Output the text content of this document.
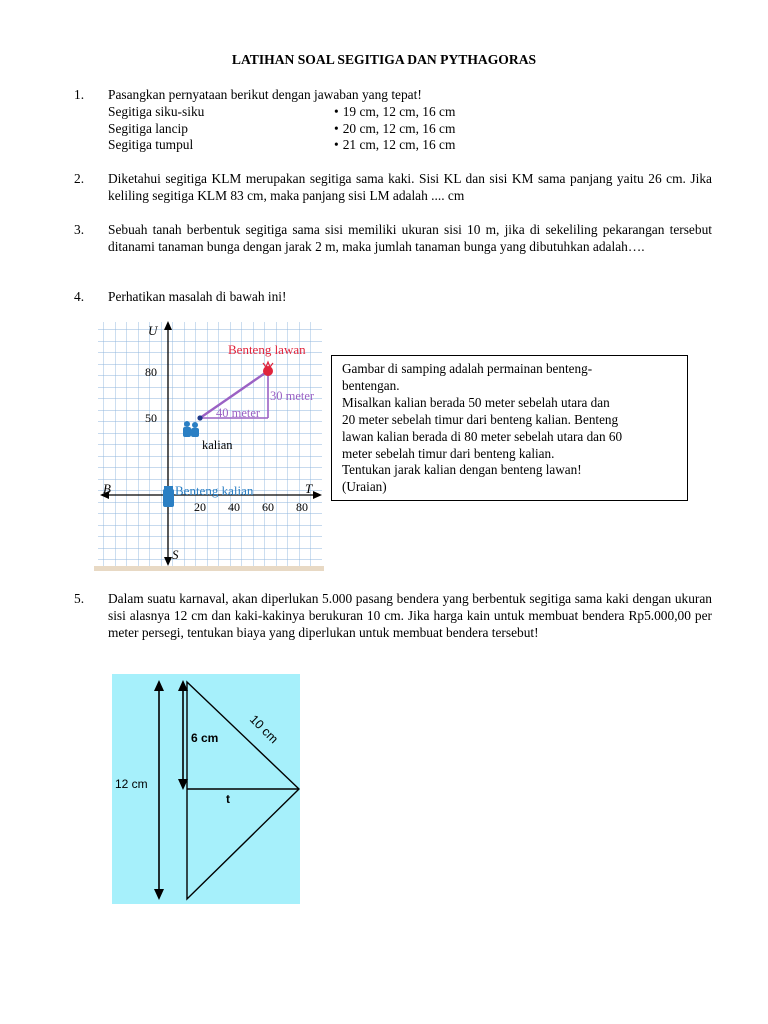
LATIHAN SOAL SEGITIGA DAN PYTHAGORAS
1. Pasangkan pernyataan berikut dengan jawaban yang tepat!
Segitiga siku-siku
Segitiga lancip
Segitiga tumpul
• 19 cm, 12 cm, 16 cm
• 20 cm, 12 cm, 16 cm
• 21 cm, 12 cm, 16 cm
2. Diketahui segitiga KLM merupakan segitiga sama kaki. Sisi KL dan sisi KM sama panjang yaitu 26 cm. Jika keliling segitiga KLM 83 cm, maka panjang sisi LM adalah .... cm
3. Sebuah tanah berbentuk segitiga sama sisi memiliki ukuran sisi 10 m, jika di sekeliling pekarangan tersebut ditanami tanaman bunga dengan jarak 2 m, maka jumlah tanaman bunga yang dibutuhkan adalah….
4. Perhatikan masalah di bawah ini!
U
S
B	T
80
50
20 40 60 80
40 meter
30 meter
Benteng lawan
kalian
Benteng kalian
Gambar di samping adalah permainan benteng-
bentengan.
Misalkan kalian berada 50 meter sebelah utara dan
20 meter sebelah timur dari benteng kalian. Benteng
lawan kalian berada di 80 meter sebelah utara dan 60
meter sebelah timur dari benteng kalian.
Tentukan jarak kalian dengan benteng lawan!
(Uraian)
5. Dalam suatu karnaval, akan diperlukan 5.000 pasang bendera yang berbentuk segitiga sama kaki dengan ukuran sisi alasnya 12 cm dan kaki-kakinya berukuran 10 cm. Jika harga kain untuk membuat bendera Rp5.000,00 per meter persegi, tentukan biaya yang diperlukan untuk membuat bendera tersebut!
12 cm
6 cm 10 cm
t
